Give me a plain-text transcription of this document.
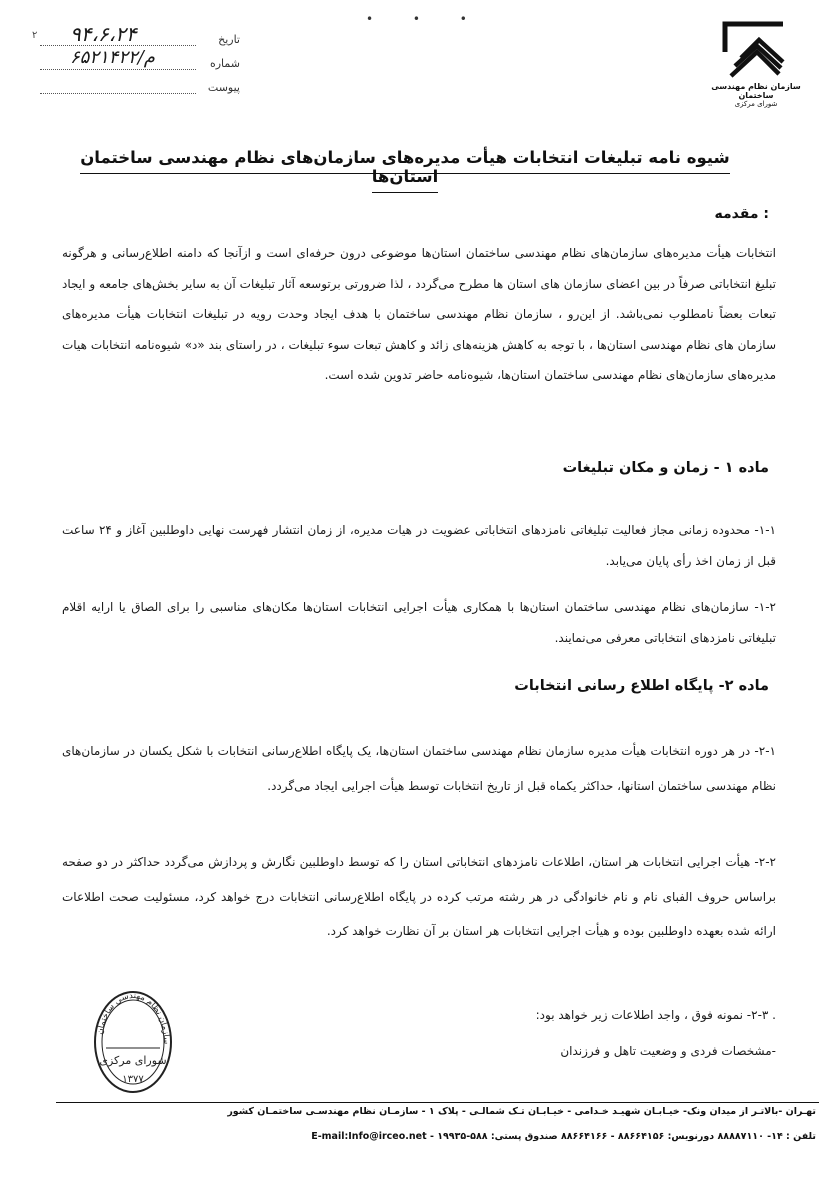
۲	تاریخ
۹۴،۶،۲۴
شماره
۶۵م/۲۱۴۲۲
پیوست
• • •
سازمان نظام مهندسی ساختمان
شورای مرکزی
شیوه نامه تبلیغات انتخابات هیأت مدیره‌های سازمان‌های نظام مهندسی ساختمان استان‌ها
مقدمه :
انتخابات هیأت مدیره‌های سازمان‌های نظام مهندسی ساختمان استان‌ها موضوعی درون حرفه‌ای است و ازآنجا که دامنه اطلاع‌رسانی و هرگونه تبلیغ انتخاباتی صرفاً در بین اعضای سازمان های استان ها مطرح می‌گردد ، لذا ضرورتی برتوسعه آثار تبلیغات آن به سایر بخش‌های جامعه و ایجاد تبعات بعضاً نامطلوب نمی‌باشد. از این‌رو ، سازمان نظام مهندسی ساختمان با هدف ایجاد وحدت رویه در تبلیغات انتخابات هیأت مدیره‌های سازمان های نظام مهندسی استان‌ها ، با توجه به کاهش هزینه‌های زائد و کاهش تبعات سوء تبلیغات ، در راستای بند «د» شیوه‌نامه انتخابات هیات مدیره‌های سازمان‌های نظام مهندسی ساختمان استان‌ها، شیوه‌نامه حاضر تدوین شده است.
ماده ۱ - زمان و مکان تبلیغات
۱-۱- محدوده زمانی مجاز فعالیت تبلیغاتی نامزدهای انتخاباتی عضویت در هیات مدیره، از زمان انتشار فهرست نهایی داوطلبین آغاز و ۲۴ ساعت قبل از زمان اخذ رأی پایان می‌یابد.
۱-۲- سازمان‌های نظام مهندسی ساختمان استان‌ها با همکاری هیأت اجرایی انتخابات استان‌ها مکان‌های مناسبی را برای الصاق یا ارایه اقلام تبلیغاتی نامزدهای انتخاباتی معرفی می‌نمایند.
ماده ۲- پایگاه اطلاع رسانی انتخابات
۲-۱- در هر دوره انتخابات هیأت مدیره سازمان نظام مهندسی ساختمان استان‌ها، یک پایگاه اطلاع‌رسانی انتخابات با شکل یکسان در سازمان‌های نظام مهندسی ساختمان استانها، حداکثر یکماه قبل از تاریخ انتخابات توسط هیأت اجرایی ایجاد می‌گردد.
۲-۲- هیأت اجرایی انتخابات هر استان، اطلاعات نامزدهای انتخاباتی استان را که توسط داوطلبین نگارش و پردازش می‌گردد حداکثر در دو صفحه براساس حروف الفبای نام و نام خانوادگی در هر رشته مرتب کرده در پایگاه اطلاع‌رسانی انتخابات درج خواهد کرد، مسئولیت صحت اطلاعات ارائه شده بعهده داوطلبین بوده و هیأت اجرایی انتخابات هر استان بر آن نظارت خواهد کرد.
. ۲-۳- نمونه فوق ، واجد اطلاعات زیر خواهد بود:
-مشخصات فردی و وضعیت تاهل و فرزندان
سازمان نظام مهندسی ساختمان
شورای مرکزی
۱۳۷۷
تهـران -بالاتـر از میدان ونک- خیـابـان شهیـد خـدامی - خیـابـان تـک شمالـی - پلاک ۱ - سازمـان نظام مهندسـی ساختمـان کشور
تلفن : ۱۴- ۸۸۸۸۷۱۱۰ دورنویس: ۸۸۶۶۴۱۵۶ - ۸۸۶۶۴۱۶۶ صندوق پستی: ۵۸۸-۱۹۹۳۵ - E-mail:Info@irceo.net
